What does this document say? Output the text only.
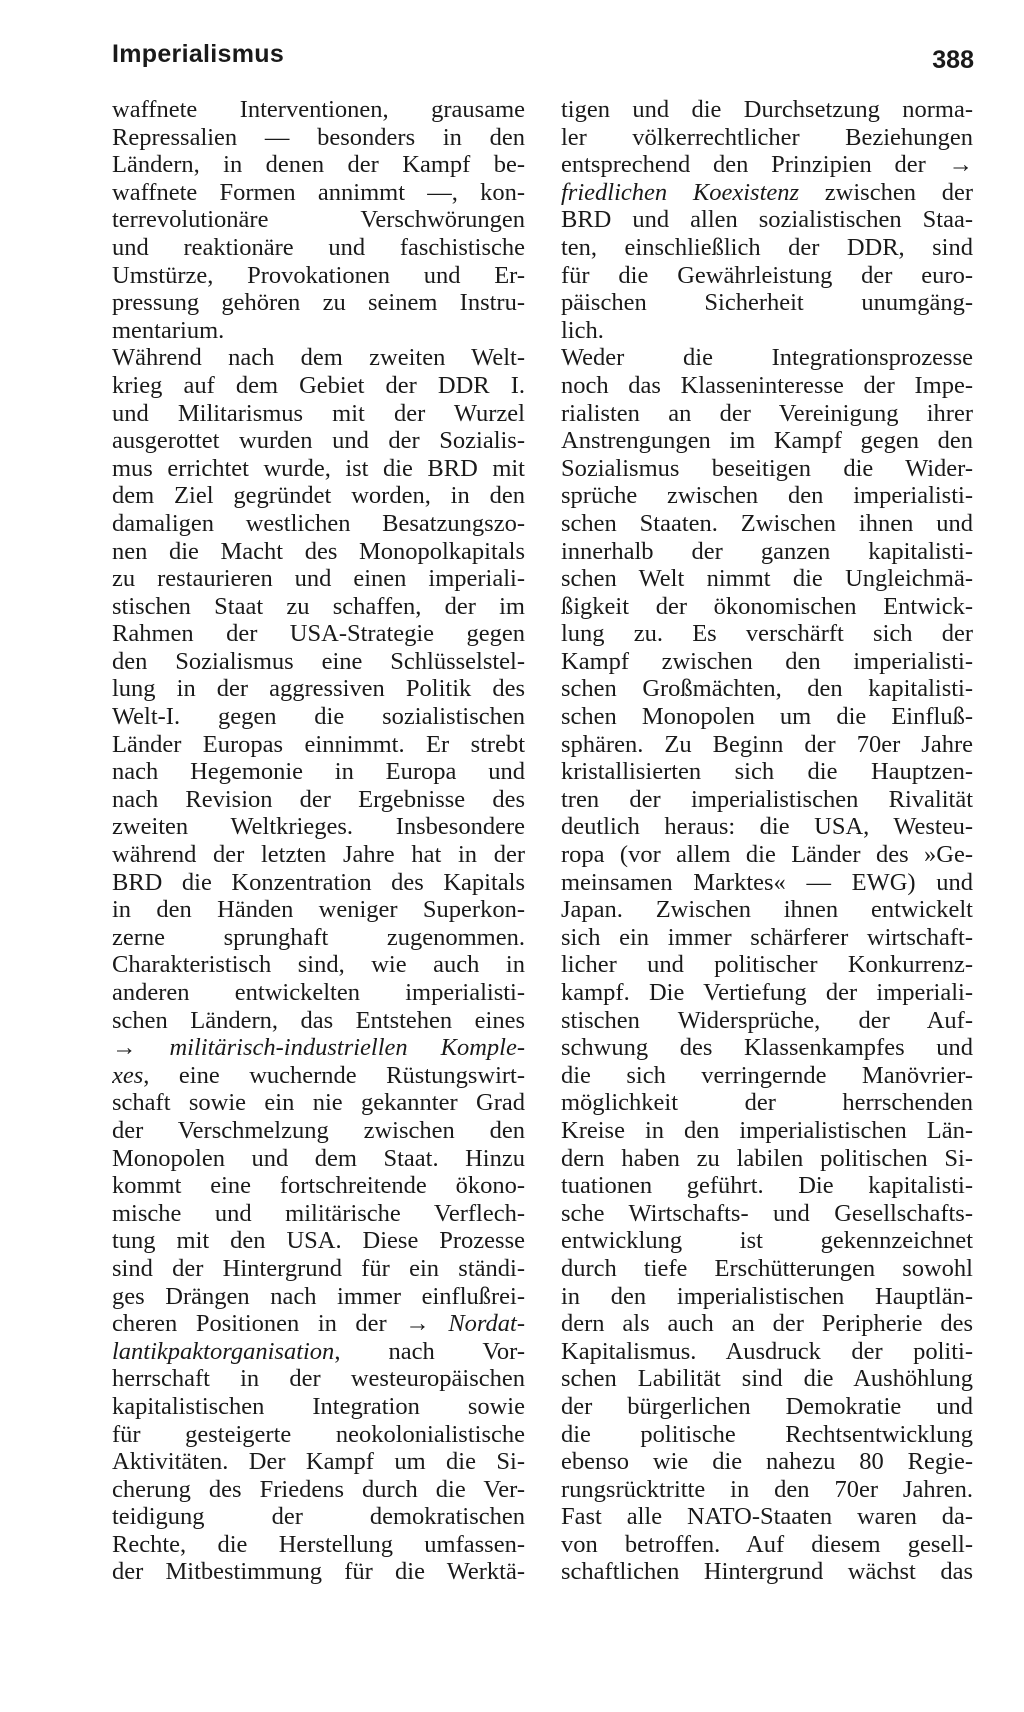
Imperialismus	388
waffnete Interventionen, grausame
Repressalien — besonders in den
Ländern, in denen der Kampf be-
waffnete Formen annimmt —, kon-
terrevolutionäre Verschwörungen
und reaktionäre und faschistische
Umstürze, Provokationen und Er-
pressung gehören zu seinem Instru-
mentarium.
Während nach dem zweiten Welt-
krieg auf dem Gebiet der DDR I.
und Militarismus mit der Wurzel
ausgerottet wurden und der Sozialis-
mus errichtet wurde, ist die BRD mit
dem Ziel gegründet worden, in den
damaligen westlichen Besatzungszo-
nen die Macht des Monopolkapitals
zu restaurieren und einen imperiali-
stischen Staat zu schaffen, der im
Rahmen der USA-Strategie gegen
den Sozialismus eine Schlüsselstel-
lung in der aggressiven Politik des
Welt-I. gegen die sozialistischen
Länder Europas einnimmt. Er strebt
nach Hegemonie in Europa und
nach Revision der Ergebnisse des
zweiten Weltkrieges. Insbesondere
während der letzten Jahre hat in der
BRD die Konzentration des Kapitals
in den Händen weniger Superkon-
zerne sprunghaft zugenommen.
Charakteristisch sind, wie auch in
anderen entwickelten imperialisti-
schen Ländern, das Entstehen eines
→ militärisch-industriellen Komple-
xes, eine wuchernde Rüstungswirt-
schaft sowie ein nie gekannter Grad
der Verschmelzung zwischen den
Monopolen und dem Staat. Hinzu
kommt eine fortschreitende ökono-
mische und militärische Verflech-
tung mit den USA. Diese Prozesse
sind der Hintergrund für ein ständi-
ges Drängen nach immer einflußrei-
cheren Positionen in der → Nordat-
lantikpaktorganisation, nach Vor-
herrschaft in der westeuropäischen
kapitalistischen Integration sowie
für gesteigerte neokolonialistische
Aktivitäten. Der Kampf um die Si-
cherung des Friedens durch die Ver-
teidigung der demokratischen
Rechte, die Herstellung umfassen-
der Mitbestimmung für die Werktä-
tigen und die Durchsetzung norma-
ler völkerrechtlicher Beziehungen
entsprechend den Prinzipien der →
friedlichen Koexistenz zwischen der
BRD und allen sozialistischen Staa-
ten, einschließlich der DDR, sind
für die Gewährleistung der euro-
päischen Sicherheit unumgäng-
lich.
Weder die Integrationsprozesse
noch das Klasseninteresse der Impe-
rialisten an der Vereinigung ihrer
Anstrengungen im Kampf gegen den
Sozialismus beseitigen die Wider-
sprüche zwischen den imperialisti-
schen Staaten. Zwischen ihnen und
innerhalb der ganzen kapitalisti-
schen Welt nimmt die Ungleichmä-
ßigkeit der ökonomischen Entwick-
lung zu. Es verschärft sich der
Kampf zwischen den imperialisti-
schen Großmächten, den kapitalisti-
schen Monopolen um die Einfluß-
sphären. Zu Beginn der 70er Jahre
kristallisierten sich die Hauptzen-
tren der imperialistischen Rivalität
deutlich heraus: die USA, Westeu-
ropa (vor allem die Länder des »Ge-
meinsamen Marktes« — EWG) und
Japan. Zwischen ihnen entwickelt
sich ein immer schärferer wirtschaft-
licher und politischer Konkurrenz-
kampf. Die Vertiefung der imperiali-
stischen Widersprüche, der Auf-
schwung des Klassenkampfes und
die sich verringernde Manövrier-
möglichkeit der herrschenden
Kreise in den imperialistischen Län-
dern haben zu labilen politischen Si-
tuationen geführt. Die kapitalisti-
sche Wirtschafts- und Gesellschafts-
entwicklung ist gekennzeichnet
durch tiefe Erschütterungen sowohl
in den imperialistischen Hauptlän-
dern als auch an der Peripherie des
Kapitalismus. Ausdruck der politi-
schen Labilität sind die Aushöhlung
der bürgerlichen Demokratie und
die politische Rechtsentwicklung
ebenso wie die nahezu 80 Regie-
rungsrücktritte in den 70er Jahren.
Fast alle NATO-Staaten waren da-
von betroffen. Auf diesem gesell-
schaftlichen Hintergrund wächst das
